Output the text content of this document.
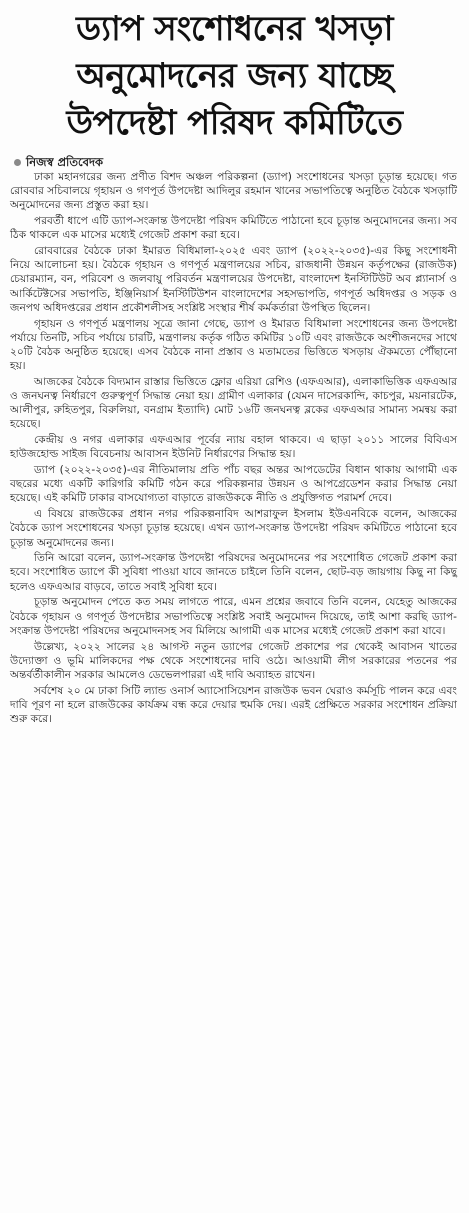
ড্যাপ সংশোধনের খসড়া
অনুমোদনের জন্য যাচ্ছে
উপদেষ্টা পরিষদ কমিটিতে
নিজস্ব প্রতিবেদক

ঢাকা মহানগরের জন্য প্রণীত বিশদ অঞ্চল পরিকল্পনা (ড্যাপ) সংশোধনের খসড়া চূড়ান্ত হয়েছে। গত রোববার সচিবালয়ে গৃহায়ন ও গণপূর্ত উপদেষ্টা আদিলুর রহমান খানের সভাপতিত্বে অনুষ্ঠিত বৈঠকে খসড়াটি অনুমোদনের জন্য প্রস্তুত করা হয়।

পরবর্তী ধাপে এটি ড্যাপ-সংক্রান্ত উপদেষ্টা পরিষদ কমিটিতে পাঠানো হবে চূড়ান্ত অনুমোদনের জন্য। সব ঠিক থাকলে এক মাসের মধ্যেই গেজেট প্রকাশ করা হবে।

রোববারের বৈঠকে ঢাকা ইমারত বিধিমালা-২০২৫ এবং ড্যাপ (২০২২-২০৩৫)-এর কিছু সংশোধনী নিয়ে আলোচনা হয়। বৈঠকে গৃহায়ন ও গণপূর্ত মন্ত্রণালয়ের সচিব, রাজধানী উন্নয়ন কর্তৃপক্ষের (রাজউক) চেয়ারম্যান, বন, পরিবেশ ও জলবায়ু পরিবর্তন মন্ত্রণালয়ের উপদেষ্টা, বাংলাদেশ ইনস্টিটিউট অব প্ল্যানার্স ও আর্কিটেক্টসের সভাপতি, ইঞ্জিনিয়ার্স ইনস্টিটিউশন বাংলাদেশের সহসভাপতি, গণপূর্ত অধিদপ্তর ও সড়ক ও জনপথ অধিদপ্তরের প্রধান প্রকৌশলীসহ সংশ্লিষ্ট সংস্থার শীর্ষ কর্মকর্তারা উপস্থিত ছিলেন।

গৃহায়ন ও গণপূর্ত মন্ত্রণালয় সূত্রে জানা গেছে, ড্যাপ ও ইমারত বিধিমালা সংশোধনের জন্য উপদেষ্টা পর্যায়ে তিনটি, সচিব পর্যায়ে চারটি, মন্ত্রণালয় কর্তৃক গঠিত কমিটির ১০টি এবং রাজউকে অংশীজনদের সাথে ২০টি বৈঠক অনুষ্ঠিত হয়েছে। এসব বৈঠকে নানা প্রস্তাব ও মতামতের ভিত্তিতে খসড়ায় ঐকমত্যে পৌঁছানো হয়।

আজকের বৈঠকে বিদ্যমান রাস্তার ভিত্তিতে ফ্লোর এরিয়া রেশিও (এফএআর), এলাকাভিত্তিক এফএআর ও জনঘনত্ব নির্ধারণে গুরুত্বপূর্ণ সিদ্ধান্ত নেয়া হয়। গ্রামীণ এলাকার (যেমন দাসেরকান্দি, কাচপুর, ময়নারটেক, আলীপুর, রুহিতপুর, বিরুলিয়া, বনগ্রাম ইত্যাদি) মোট ১৬টি জনঘনত্ব ব্লকের এফএআর সামান্য সমন্বয় করা হয়েছে।

কেন্দ্রীয় ও নগর এলাকার এফএআর পূর্বের ন্যায় বহাল থাকবে। এ ছাড়া ২০১১ সালের বিবিএস হাউজহোল্ড সাইজ বিবেচনায় আবাসন ইউনিট নির্ধারণের সিদ্ধান্ত হয়।

ড্যাপ (২০২২-২০৩৫)-এর নীতিমালায় প্রতি পাঁচ বছর অন্তর আপডেটের বিধান থাকায় আগামী এক বছরের মধ্যে একটি কারিগরি কমিটি গঠন করে পরিকল্পনার উন্নয়ন ও আপগ্রেডেশন করার সিদ্ধান্ত নেয়া হয়েছে। এই কমিটি ঢাকার বাসযোগ্যতা বাড়াতে রাজউককে নীতি ও প্রযুক্তিগত পরামর্শ দেবে।

এ বিষয়ে রাজউকের প্রধান নগর পরিকল্পনাবিদ আশরাফুল ইসলাম ইউএনবিকে বলেন, আজকের বৈঠকে ড্যাপ সংশোধনের খসড়া চূড়ান্ত হয়েছে। এখন ড্যাপ-সংক্রান্ত উপদেষ্টা পরিষদ কমিটিতে পাঠানো হবে চূড়ান্ত অনুমোদনের জন্য।

তিনি আরো বলেন, ড্যাপ-সংক্রান্ত উপদেষ্টা পরিষদের অনুমোদনের পর সংশোধিত গেজেট প্রকাশ করা হবে। সংশোধিত ড্যাপে কী সুবিধা পাওয়া যাবে জানতে চাইলে তিনি বলেন, ছোট-বড় জায়গায় কিছু না কিছু হলেও এফএআর বাড়বে, তাতে সবাই সুবিধা হবে।

চূড়ান্ত অনুমোদন পেতে কত সময় লাগতে পারে, এমন প্রশ্নের জবাবে তিনি বলেন, যেহেতু আজকের বৈঠকে গৃহায়ন ও গণপূর্ত উপদেষ্টার সভাপতিত্বে সংশ্লিষ্ট সবাই অনুমোদন দিয়েছে, তাই আশা করছি ড্যাপ-সংক্রান্ত উপদেষ্টা পরিষদের অনুমোদনসহ সব মিলিয়ে আগামী এক মাসের মধ্যেই গেজেট প্রকাশ করা যাবে।

উল্লেখ্য, ২০২২ সালের ২৪ আগস্ট নতুন ড্যাপের গেজেট প্রকাশের পর থেকেই আবাসন খাতের উদ্যোক্তা ও ভূমি মালিকদের পক্ষ থেকে সংশোধনের দাবি ওঠে। আওয়ামী লীগ সরকারের পতনের পর অন্তর্বর্তীকালীন সরকার আমলেও ডেভেলপাররা এই দাবি অব্যাহত রাখেন।

সর্বশেষ ২০ মে ঢাকা সিটি ল্যান্ড ওনার্স অ্যাসোসিয়েশন রাজউক ভবন ঘেরাও কর্মসূচি পালন করে এবং দাবি পূরণ না হলে রাজউকের কার্যক্রম বন্ধ করে দেয়ার হুমকি দেয়। এরই প্রেক্ষিতে সরকার সংশোধন প্রক্রিয়া শুরু করে।
